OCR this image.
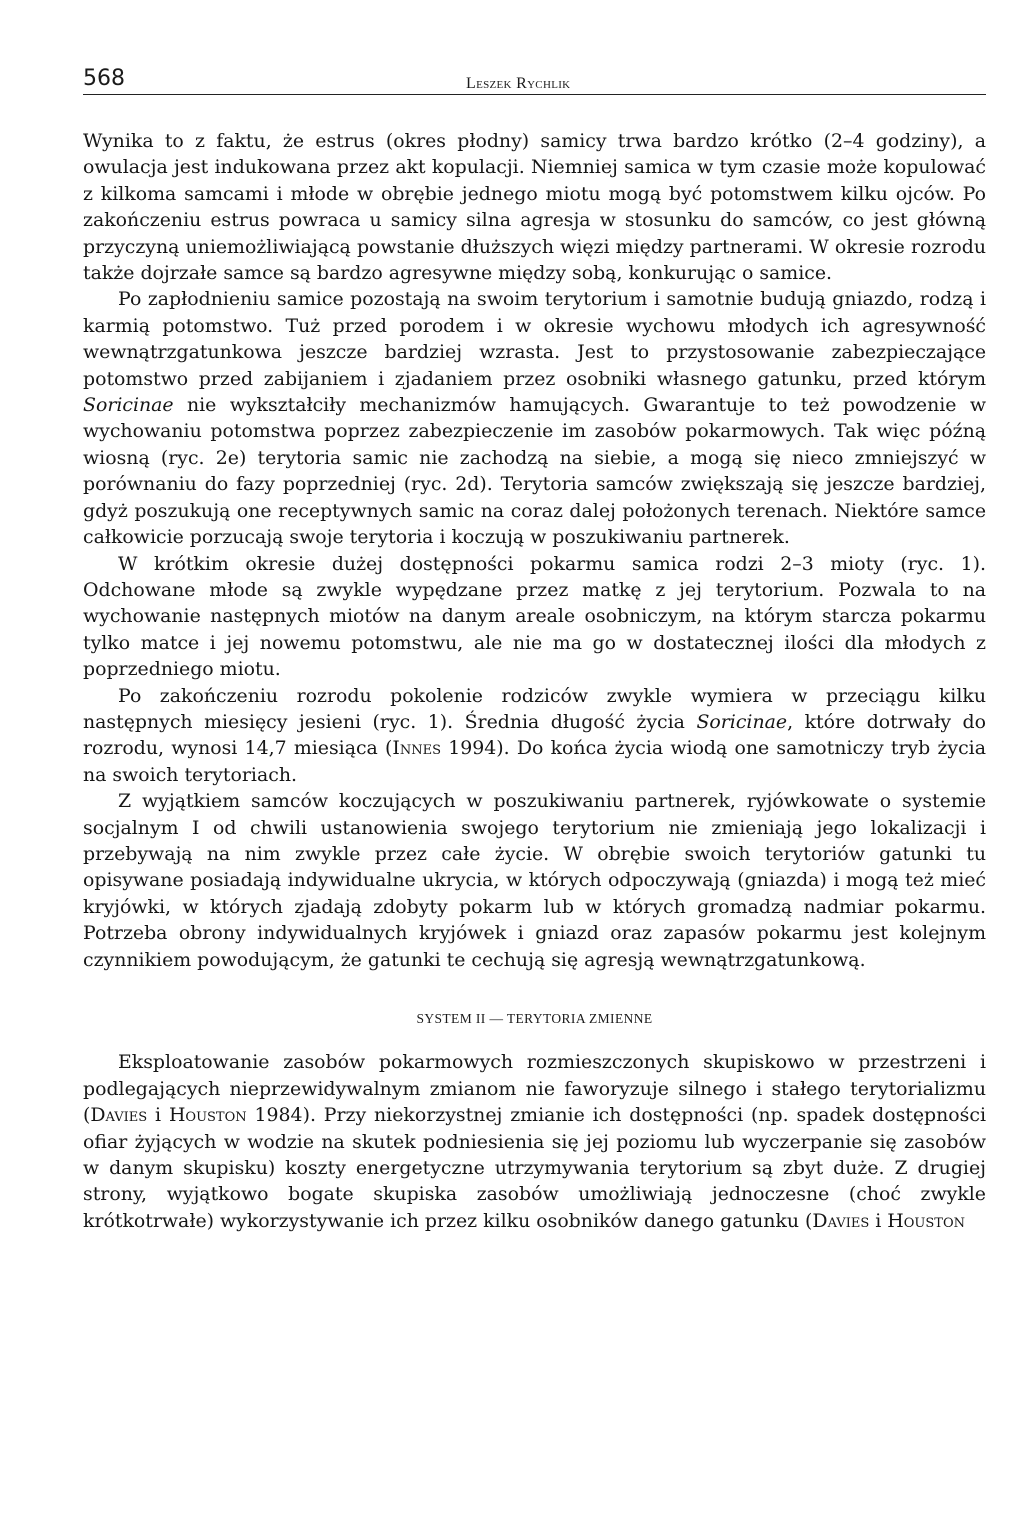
568	Leszek Rychlik

Wynika to z faktu, że estrus (okres płodny) samicy trwa bardzo krótko (2–4 godziny), a owulacja jest indukowana przez akt kopulacji. Niemniej samica w tym czasie może kopulować z kilkoma samcami i młode w obrębie jednego miotu mogą być potomstwem kilku ojców. Po zakończeniu estrus powraca u samicy silna agresja w stosunku do samców, co jest główną przyczyną uniemożliwiającą powstanie dłuższych więzi między partnerami. W okresie rozrodu także dojrzałe samce są bardzo agresywne między sobą, konkurując o samice.

Po zapłodnieniu samice pozostają na swoim terytorium i samotnie budują gniazdo, rodzą i karmią potomstwo. Tuż przed porodem i w okresie wychowu młodych ich agresywność wewnątrzgatunkowa jeszcze bardziej wzrasta. Jest to przystosowanie zabezpieczające potomstwo przed zabijaniem i zjadaniem przez osobniki własnego gatunku, przed którym Soricinae nie wykształciły mechanizmów hamujących. Gwarantuje to też powodzenie w wychowaniu potomstwa poprzez zabezpieczenie im zasobów pokarmowych. Tak więc późną wiosną (ryc. 2e) terytoria samic nie zachodzą na siebie, a mogą się nieco zmniejszyć w porównaniu do fazy poprzedniej (ryc. 2d). Terytoria samców zwiększają się jeszcze bardziej, gdyż poszukują one receptywnych samic na coraz dalej położonych terenach. Niektóre samce całkowicie porzucają swoje terytoria i koczują w poszukiwaniu partnerek.

W krótkim okresie dużej dostępności pokarmu samica rodzi 2–3 mioty (ryc. 1). Odchowane młode są zwykle wypędzane przez matkę z jej terytorium. Pozwala to na wychowanie następnych miotów na danym areale osobniczym, na którym starcza pokarmu tylko matce i jej nowemu potomstwu, ale nie ma go w dostatecznej ilości dla młodych z poprzedniego miotu.

Po zakończeniu rozrodu pokolenie rodziców zwykle wymiera w przeciągu kilku następnych miesięcy jesieni (ryc. 1). Średnia długość życia Soricinae, które dotrwały do rozrodu, wynosi 14,7 miesiąca (Innes 1994). Do końca życia wiodą one samotniczy tryb życia na swoich terytoriach.

Z wyjątkiem samców koczujących w poszukiwaniu partnerek, ryjówkowate o systemie socjalnym I od chwili ustanowienia swojego terytorium nie zmieniają jego lokalizacji i przebywają na nim zwykle przez całe życie. W obrębie swoich terytoriów gatunki tu opisywane posiadają indywidualne ukrycia, w których odpoczywają (gniazda) i mogą też mieć kryjówki, w których zjadają zdobyty pokarm lub w których gromadzą nadmiar pokarmu. Potrzeba obrony indywidualnych kryjówek i gniazd oraz zapasów pokarmu jest kolejnym czynnikiem powodującym, że gatunki te cechują się agresją wewnątrzgatunkową.

SYSTEM II — TERYTORIA ZMIENNE

Eksploatowanie zasobów pokarmowych rozmieszczonych skupiskowo w przestrzeni i podlegających nieprzewidywalnym zmianom nie faworyzuje silnego i stałego terytorializmu (Davies i Houston 1984). Przy niekorzystnej zmianie ich dostępności (np. spadek dostępności ofiar żyjących w wodzie na skutek podniesienia się jej poziomu lub wyczerpanie się zasobów w danym skupisku) koszty energetyczne utrzymywania terytorium są zbyt duże. Z drugiej strony, wyjątkowo bogate skupiska zasobów umożliwiają jednoczesne (choć zwykle krótkotrwałe) wykorzystywanie ich przez kilku osobników danego gatunku (Davies i Houston
